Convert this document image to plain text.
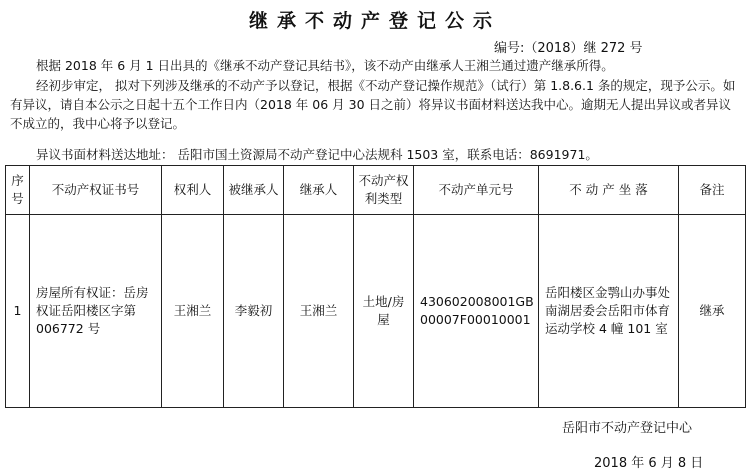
继承不动产登记公示
编号:（2018）继 272 号
根据 2018 年 6 月 1 日出具的《继承不动产登记具结书》，该不动产由继承人王湘兰通过遗产继承所得。
经初步审定， 拟对下列涉及继承的不动产予以登记，根据《不动产登记操作规范》（试行）第 1.8.6.1 条的规定，现予公示。如有异议，请自本公示之日起十五个工作日内（2018 年 06 月 30 日之前）将异议书面材料送达我中心。逾期无人提出异议或者异议不成立的，我中心将予以登记。
异议书面材料送达地址： 岳阳市国土资源局不动产登记中心法规科 1503 室，联系电话：8691971。
序号	不动产权证书号	权利人	被继承人	继承人	不动产权利类型	不动产单元号	不 动 产 坐 落	备注
1	房屋所有权证：岳房权证岳阳楼区字第 006772 号	王湘兰	李毅初	王湘兰	土地/房屋	430602008001GB00007F00010001	岳阳楼区金鹗山办事处南湖居委会岳阳市体育运动学校 4 幢 101 室	继承
岳阳市不动产登记中心
2018 年 6 月 8 日
